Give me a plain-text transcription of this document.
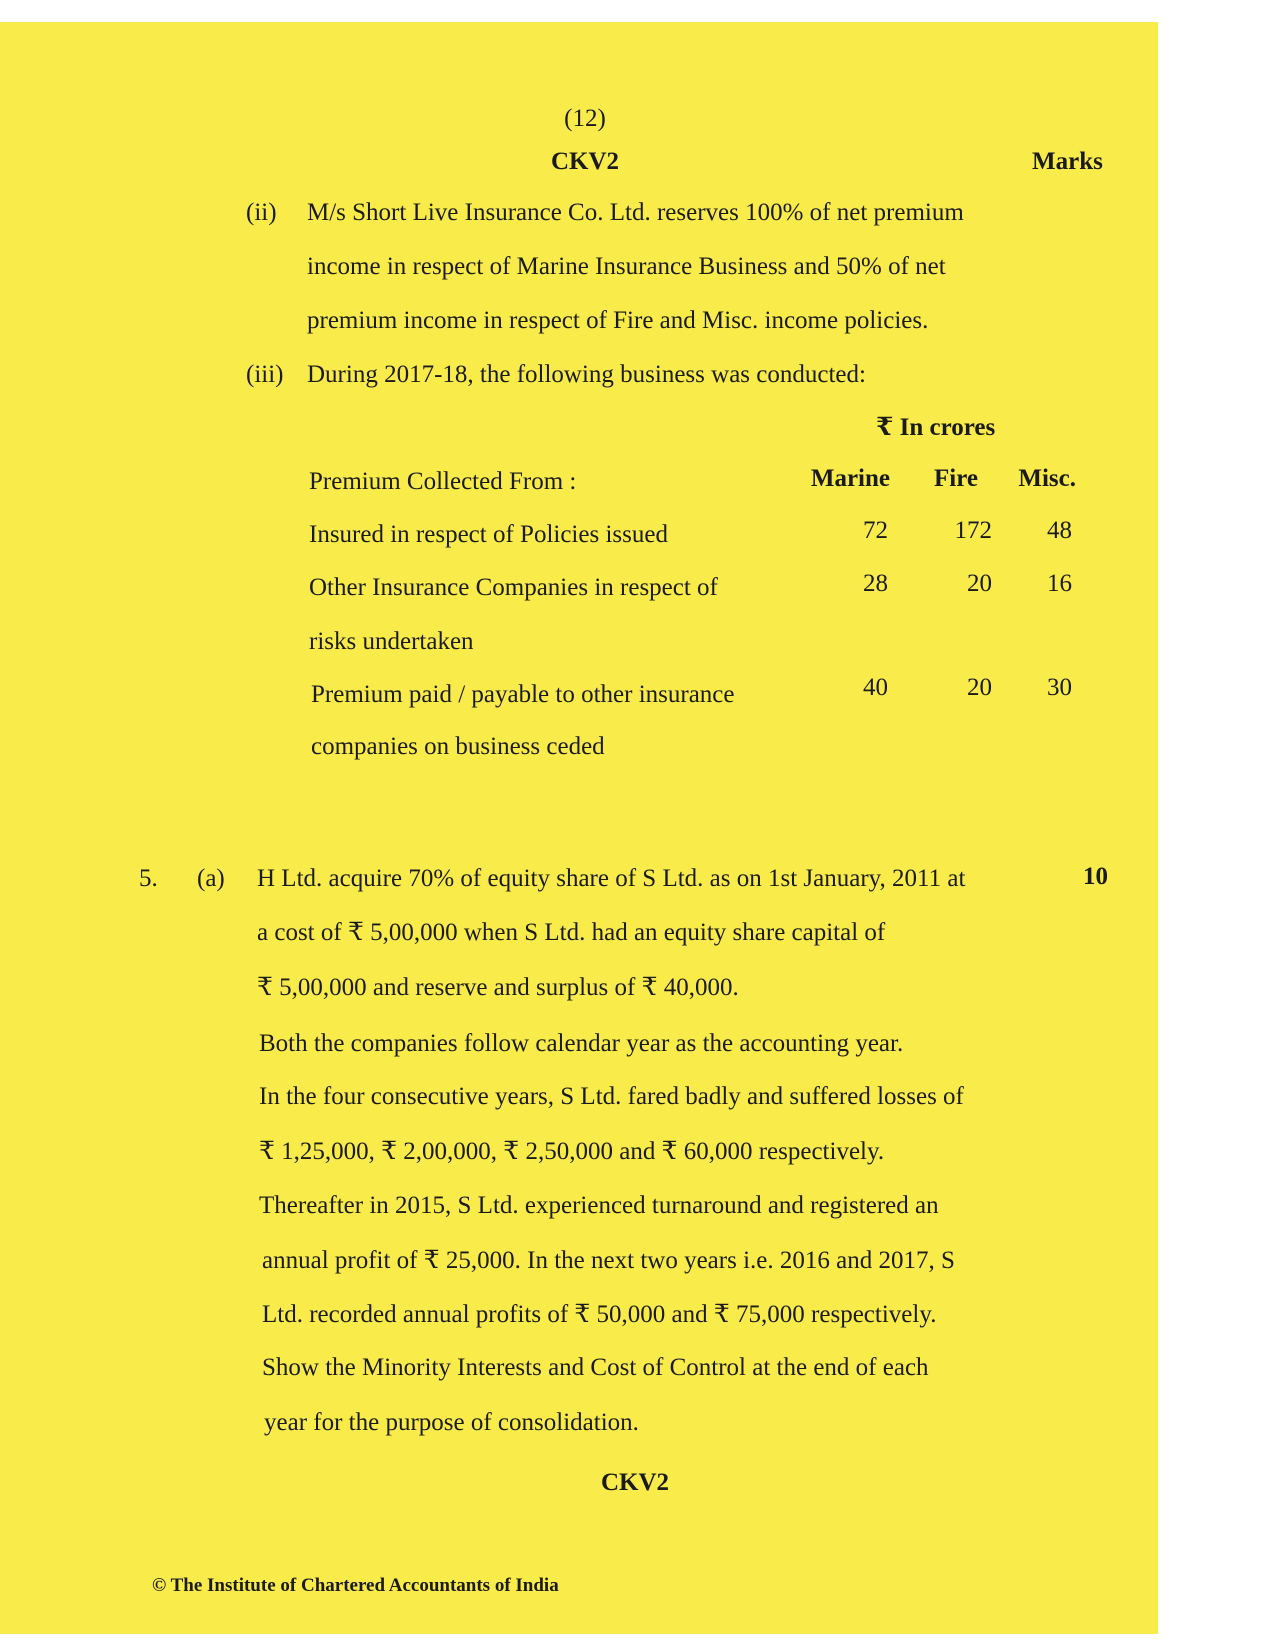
(12)
CKV2	Marks
(ii) M/s Short Live Insurance Co. Ltd. reserves 100% of net premium
income in respect of Marine Insurance Business and 50% of net
premium income in respect of Fire and Misc. income policies.
(iii) During 2017-18, the following business was conducted:
₹ In crores
Premium Collected From :	Marine	Fire	Misc.
Insured in respect of Policies issued	72	172	48
Other Insurance Companies in respect of
risks undertaken
28	20	16
Premium paid / payable to other insurance
companies on business ceded
40	20	30
5. (a)	10
H Ltd. acquire 70% of equity share of S Ltd. as on 1st January, 2011 at
a cost of ₹ 5,00,000 when S Ltd. had an equity share capital of
₹ 5,00,000 and reserve and surplus of ₹ 40,000.
Both the companies follow calendar year as the accounting year.
In the four consecutive years, S Ltd. fared badly and suffered losses of
₹ 1,25,000, ₹ 2,00,000, ₹ 2,50,000 and ₹ 60,000 respectively.
Thereafter in 2015, S Ltd. experienced turnaround and registered an
annual profit of ₹ 25,000. In the next two years i.e. 2016 and 2017, S
Ltd. recorded annual profits of ₹ 50,000 and ₹ 75,000 respectively.
Show the Minority Interests and Cost of Control at the end of each
year for the purpose of consolidation.
CKV2
© The Institute of Chartered Accountants of India
